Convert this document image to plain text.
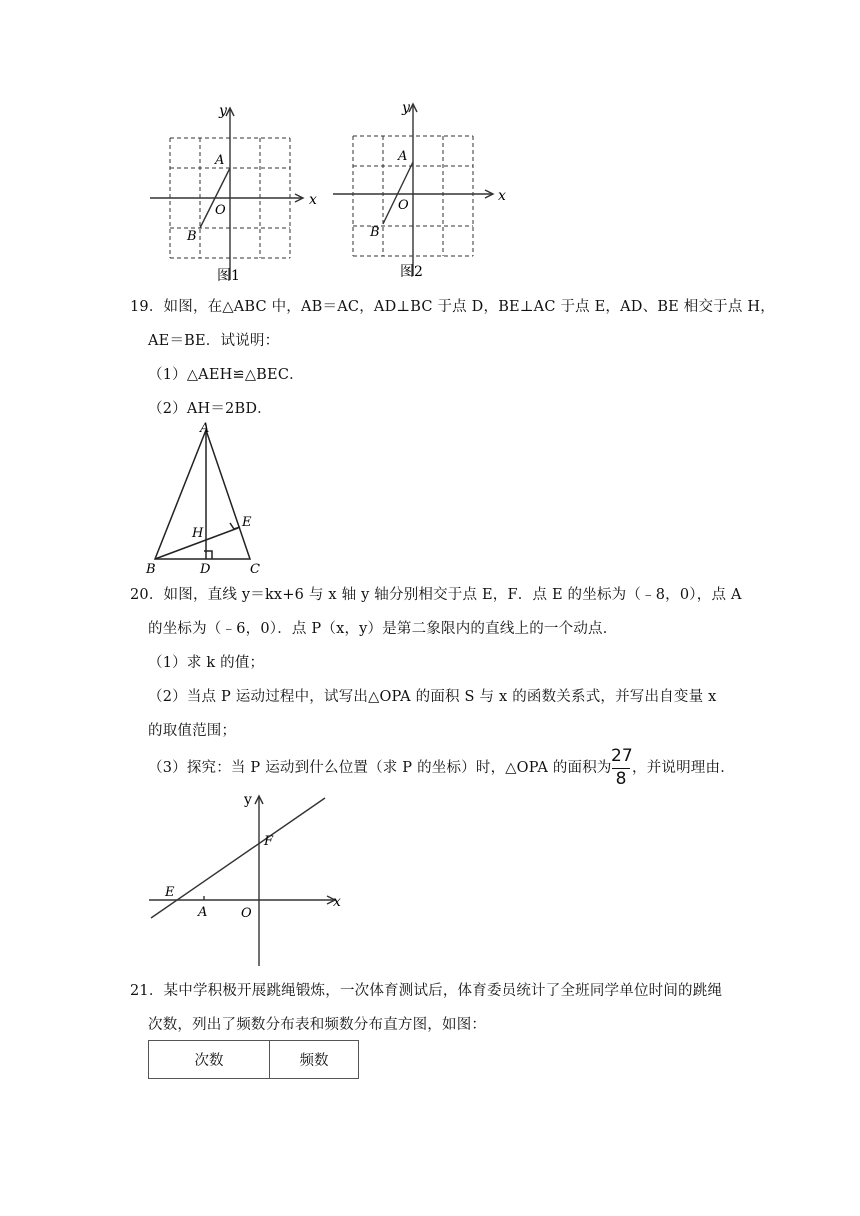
x
y
A
O
B
图1
x
y
A
O
B
图2
19．如图，在△ABC 中，AB＝AC，AD⊥BC 于点 D，BE⊥AC 于点 E，AD、BE 相交于点 H，
AE＝BE．试说明：
（1）△AEH≌△BEC．
（2）AH＝2BD．
A
B	C
D
E
H
20．如图，直线 y＝kx+6 与 x 轴 y 轴分别相交于点 E，F．点 E 的坐标为（﹣8，0），点 A
的坐标为（﹣6，0）．点 P（x，y）是第二象限内的直线上的一个动点．
（1）求 k 的值；
（2）当点 P 运动过程中，试写出△OPA 的面积 S 与 x 的函数关系式，并写出自变量 x
的取值范围；
（3）探究：当 P 运动到什么位置（求 P 的坐标）时，△OPA 的面积为
27
8
，并说明理由．
y
x
F
E
A	O
21．某中学积极开展跳绳锻炼，一次体育测试后，体育委员统计了全班同学单位时间的跳绳
次数，列出了频数分布表和频数分布直方图，如图：
次数	频数
